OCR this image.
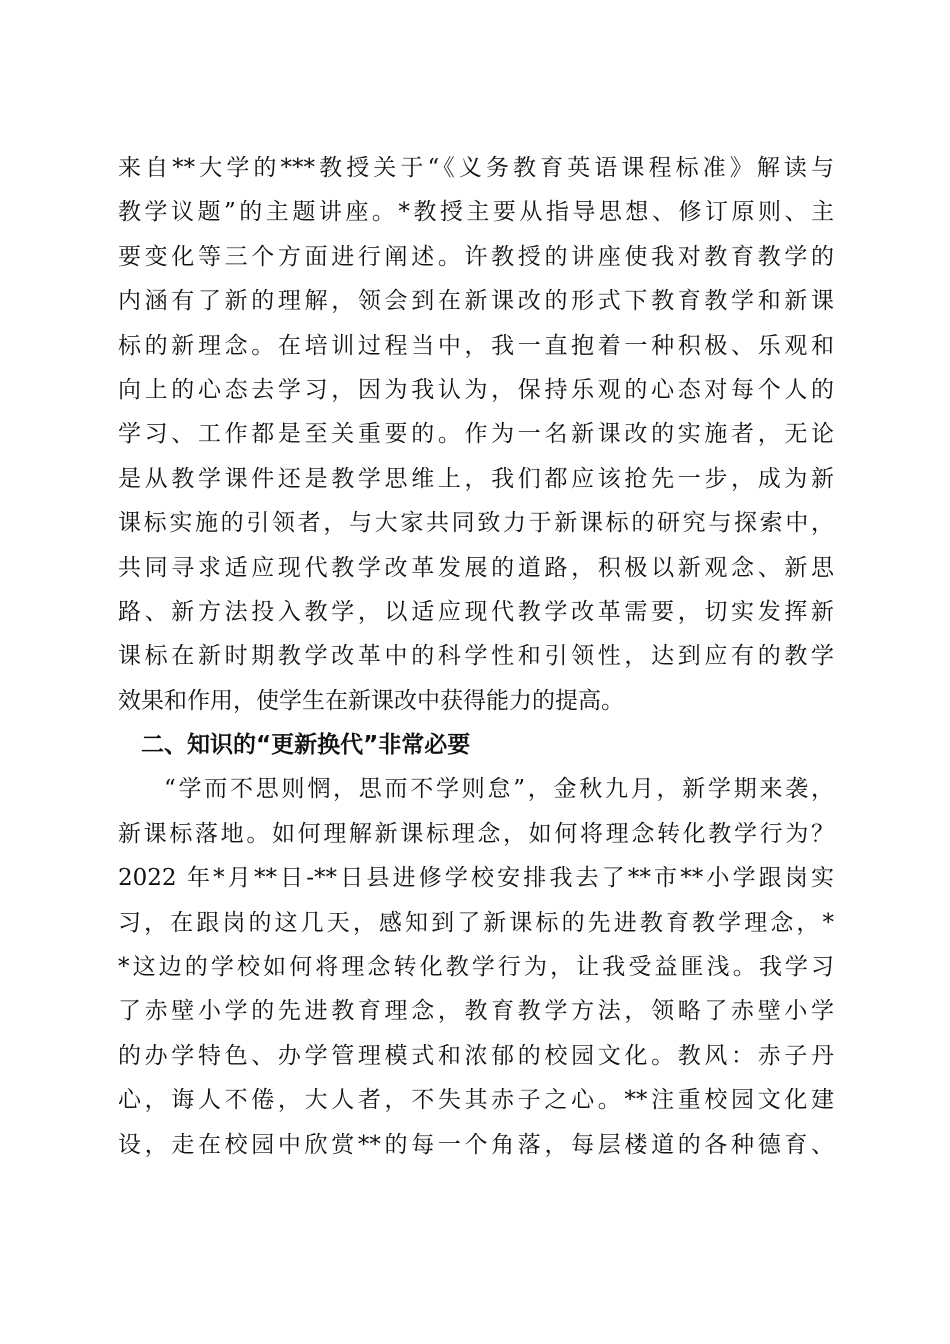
来自**大学的***教授关于“《义务教育英语课程标准》解读与
教学议题”的主题讲座。*教授主要从指导思想、修订原则、主
要变化等三个方面进行阐述。许教授的讲座使我对教育教学的
内涵有了新的理解，领会到在新课改的形式下教育教学和新课
标的新理念。在培训过程当中，我一直抱着一种积极、乐观和
向上的心态去学习，因为我认为，保持乐观的心态对每个人的
学习、工作都是至关重要的。作为一名新课改的实施者，无论
是从教学课件还是教学思维上，我们都应该抢先一步，成为新
课标实施的引领者，与大家共同致力于新课标的研究与探索中，
共同寻求适应现代教学改革发展的道路，积极以新观念、新思
路、新方法投入教学，以适应现代教学改革需要，切实发挥新
课标在新时期教学改革中的科学性和引领性，达到应有的教学
效果和作用，使学生在新课改中获得能力的提高。
二、知识的“更新换代”非常必要
“学而不思则惘，思而不学则怠”，金秋九月，新学期来袭，
新课标落地。如何理解新课标理念，如何将理念转化教学行为？
2022 年*月**日-**日县进修学校安排我去了**市**小学跟岗实
习，在跟岗的这几天，感知到了新课标的先进教育教学理念，*
*这边的学校如何将理念转化教学行为，让我受益匪浅。我学习
了赤壁小学的先进教育理念，教育教学方法，领略了赤壁小学
的办学特色、办学管理模式和浓郁的校园文化。教风：赤子丹
心，诲人不倦，大人者，不失其赤子之心。**注重校园文化建
设，走在校园中欣赏**的每一个角落，每层楼道的各种德育、
